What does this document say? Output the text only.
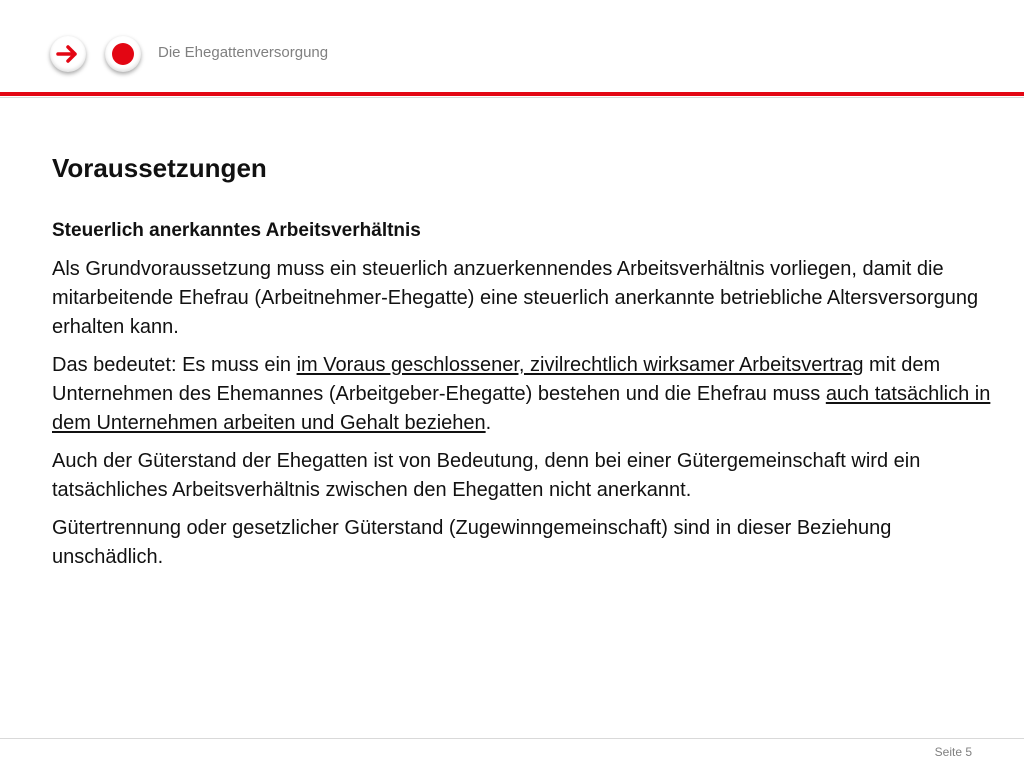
Die Ehegattenversorgung
Voraussetzungen
Steuerlich anerkanntes Arbeitsverhältnis

Als Grundvoraussetzung muss ein steuerlich anzuerkennendes Arbeitsverhältnis vorliegen, damit die mitarbeitende Ehefrau (Arbeitnehmer-Ehegatte) eine steuerlich anerkannte betriebliche Altersversorgung erhalten kann.

Das bedeutet: Es muss ein im Voraus geschlossener, zivilrechtlich wirksamer Arbeitsvertrag mit dem Unternehmen des Ehemannes (Arbeitgeber-Ehegatte) bestehen und die Ehefrau muss auch tatsächlich in dem Unternehmen arbeiten und Gehalt beziehen.

Auch der Güterstand der Ehegatten ist von Bedeutung, denn bei einer Gütergemeinschaft wird ein tatsächliches Arbeitsverhältnis zwischen den Ehegatten nicht anerkannt.

Gütertrennung oder gesetzlicher Güterstand (Zugewinngemeinschaft) sind in dieser Beziehung unschädlich.

Seite 5
